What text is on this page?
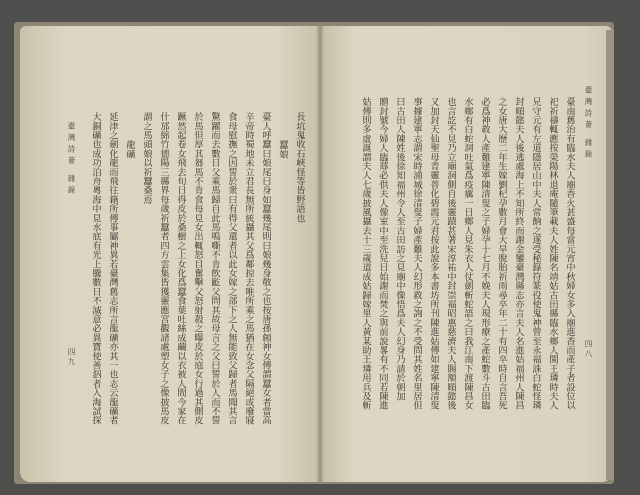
長坑鬼收石峽怪等皆野語也
蠶娘
臺人呼蠶曰娘尾曰身如蠶幾尾則曰娘幾身敬之也按唐孫頠神女傳謂蠶女者當高
辛帝時蜀地未立君長無所統攝其父爲鄰掠去唯所乘之馬猶在女念父隔絕或廢寢
食母慰撫之因誓於衆曰有得父還者以此女嫁之部下之人無能致父歸者馬聞其言
驚躍而去數日父乘馬歸自此馬鳴嘶不肯飲齕父問其故母言之父曰誓於人而不誓
於馬但厚其芻馬不肯食每見女出輒怒目奮擊父怒射殺之曝皮於庭女行過其側皮
蹶然起卷女飛去旬日得皮於桑樹之上女化爲蠶食葉吐絲成繭以衣被人間今家在
什邡綿竹德陽三縣界每歲祈蠶者四方雲集皆獲靈應宮觀諸處塑女子之像披馬皮
謂之馬頭娘以祈蠶桑焉
龍礦
延津之劍化龍而飛往籍所傳事屬神異若臺灣舊志所言龍礦亦其一也志云龍礦者
大銅礦也成功泊舟粵海中見水底有光上騰數日不滅意必異寶使善泅者入海試探
臺灣詩薈 雜錄
四九	臺南舊治有臨水夫人廟香火甚盛每當元宵中秋婦女多入廟進香而產子者設位以
祀祈禱輒應按榮陽林退庵隨筆載夫人姓陳名靖姑古田縣臨水鄉人閩王璘時夫人
兄守元有左道隱居山中夫人常餉之遂受秘籙符篆役使鬼神曾至永福誅白蛇怪璘
封順懿夫人後逃處海上不知所終而謝金鑾臺灣縣志亦言夫人名進姑福州人陳昌
之女唐大歷二年生嫁劉杞孕數月會大旱脫胎祈雨尋卒年二十有四卒時自言吾死
必爲神救人產難建寧陳清叟之子婦孕十七月不娩夫人現形療之產蛇數斗古田臨
水鄉有白蛇洞吐氣爲疫癘一日鄉人見朱衣人仗劍斬蛇語之曰我江南下渡陳昌女
也言訖不見乃立廟洞側自後靈蹟甚著宋淳祐中封崇福昭惠慈濟夫人賜額順懿後
又加封天仙聖母青靈普化碧霞元君按此說多本書坊所刊陳進姑傳如建寧陳清叟
事據建寧志謂宋時浦城徐清叟子婦產難夫人幻形救之詢之不受問其姓名里居但
曰古田人陳姓後徐知福州令人至古田訪之見廟中像悟爲夫人幻身乃請於朝加
贈封號今婦人臨蓐必供夫人像室中至洗兒日始謝而焚之與前說畧有不同若陳進
姑傳則多虛誕謂夫人七歲披風攝去十三歲道成姑歸嫁里人黃某助王璘用兵及斬	臺灣詩薈 雜錄
四八
